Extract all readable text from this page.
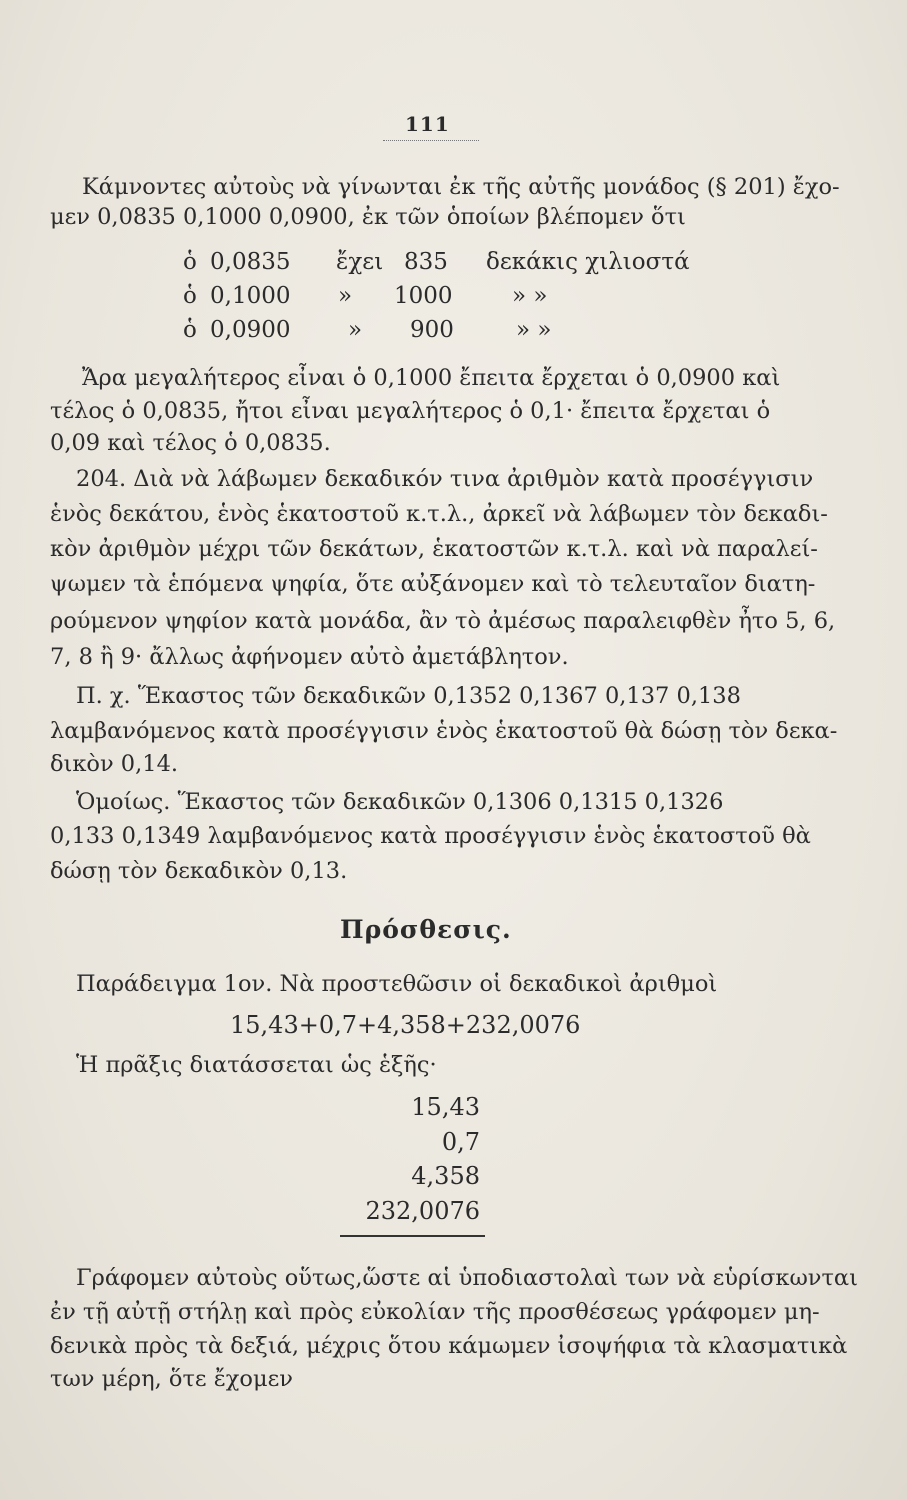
111
Κάμνοντες αὐτοὺς νὰ γίνωνται ἐκ τῆς αὐτῆς μονάδος (§ 201) ἔχο-
μεν 0,0835 0,1000 0,0900, ἐκ τῶν ὁποίων βλέπομεν ὅτι
ὁ 0,0835 ἔχει 835 δεκάκις χιλιοστά
ὁ 0,1000 » 1000	» »
ὁ 0,0900	» 900	» »
Ἄρα μεγαλήτερος εἶναι ὁ 0,1000 ἔπειτα ἔρχεται ὁ 0,0900 καὶ
τέλος ὁ 0,0835, ἤτοι εἶναι μεγαλήτερος ὁ 0,1· ἔπειτα ἔρχεται ὁ
0,09 καὶ τέλος ὁ 0,0835.
204. Διὰ νὰ λάβωμεν δεκαδικόν τινα ἀριθμὸν κατὰ προσέγγισιν
ἑνὸς δεκάτου, ἑνὸς ἑκατοστοῦ κ.τ.λ., ἀρκεῖ νὰ λάβωμεν τὸν δεκαδι-
κὸν ἀριθμὸν μέχρι τῶν δεκάτων, ἑκατοστῶν κ.τ.λ. καὶ νὰ παραλεί-
ψωμεν τὰ ἑπόμενα ψηφία, ὅτε αὐξάνομεν καὶ τὸ τελευταῖον διατη-
ρούμενον ψηφίον κατὰ μονάδα, ἂν τὸ ἀμέσως παραλειφθὲν ἦτο 5, 6,
7, 8 ἢ 9· ἄλλως ἀφήνομεν αὐτὸ ἀμετάβλητον.
Π. χ. Ἕκαστος τῶν δεκαδικῶν 0,1352 0,1367 0,137 0,138
λαμβανόμενος κατὰ προσέγγισιν ἑνὸς ἑκατοστοῦ θὰ δώσῃ τὸν δεκα-
δικὸν 0,14.
Ὁμοίως. Ἕκαστος τῶν δεκαδικῶν 0,1306 0,1315 0,1326
0,133 0,1349 λαμβανόμενος κατὰ προσέγγισιν ἑνὸς ἑκατοστοῦ θὰ
δώσῃ τὸν δεκαδικὸν 0,13.
Πρόσθεσις.
Παράδειγμα 1ον. Νὰ προστεθῶσιν οἱ δεκαδικοὶ ἀριθμοὶ
15,43+0,7+4,358+232,0076
Ἡ πρᾶξις διατάσσεται ὡς ἑξῆς·
15,43
0,7
4,358
232,0076
Γράφομεν αὐτοὺς οὕτως,ὥστε αἱ ὑποδιαστολαὶ των νὰ εὑρίσκωνται
ἐν τῇ αὐτῇ στήλῃ καὶ πρὸς εὐκολίαν τῆς προσθέσεως γράφομεν μη-
δενικὰ πρὸς τὰ δεξιά, μέχρις ὅτου κάμωμεν ἰσοψήφια τὰ κλασματικὰ
των μέρη, ὅτε ἔχομεν
